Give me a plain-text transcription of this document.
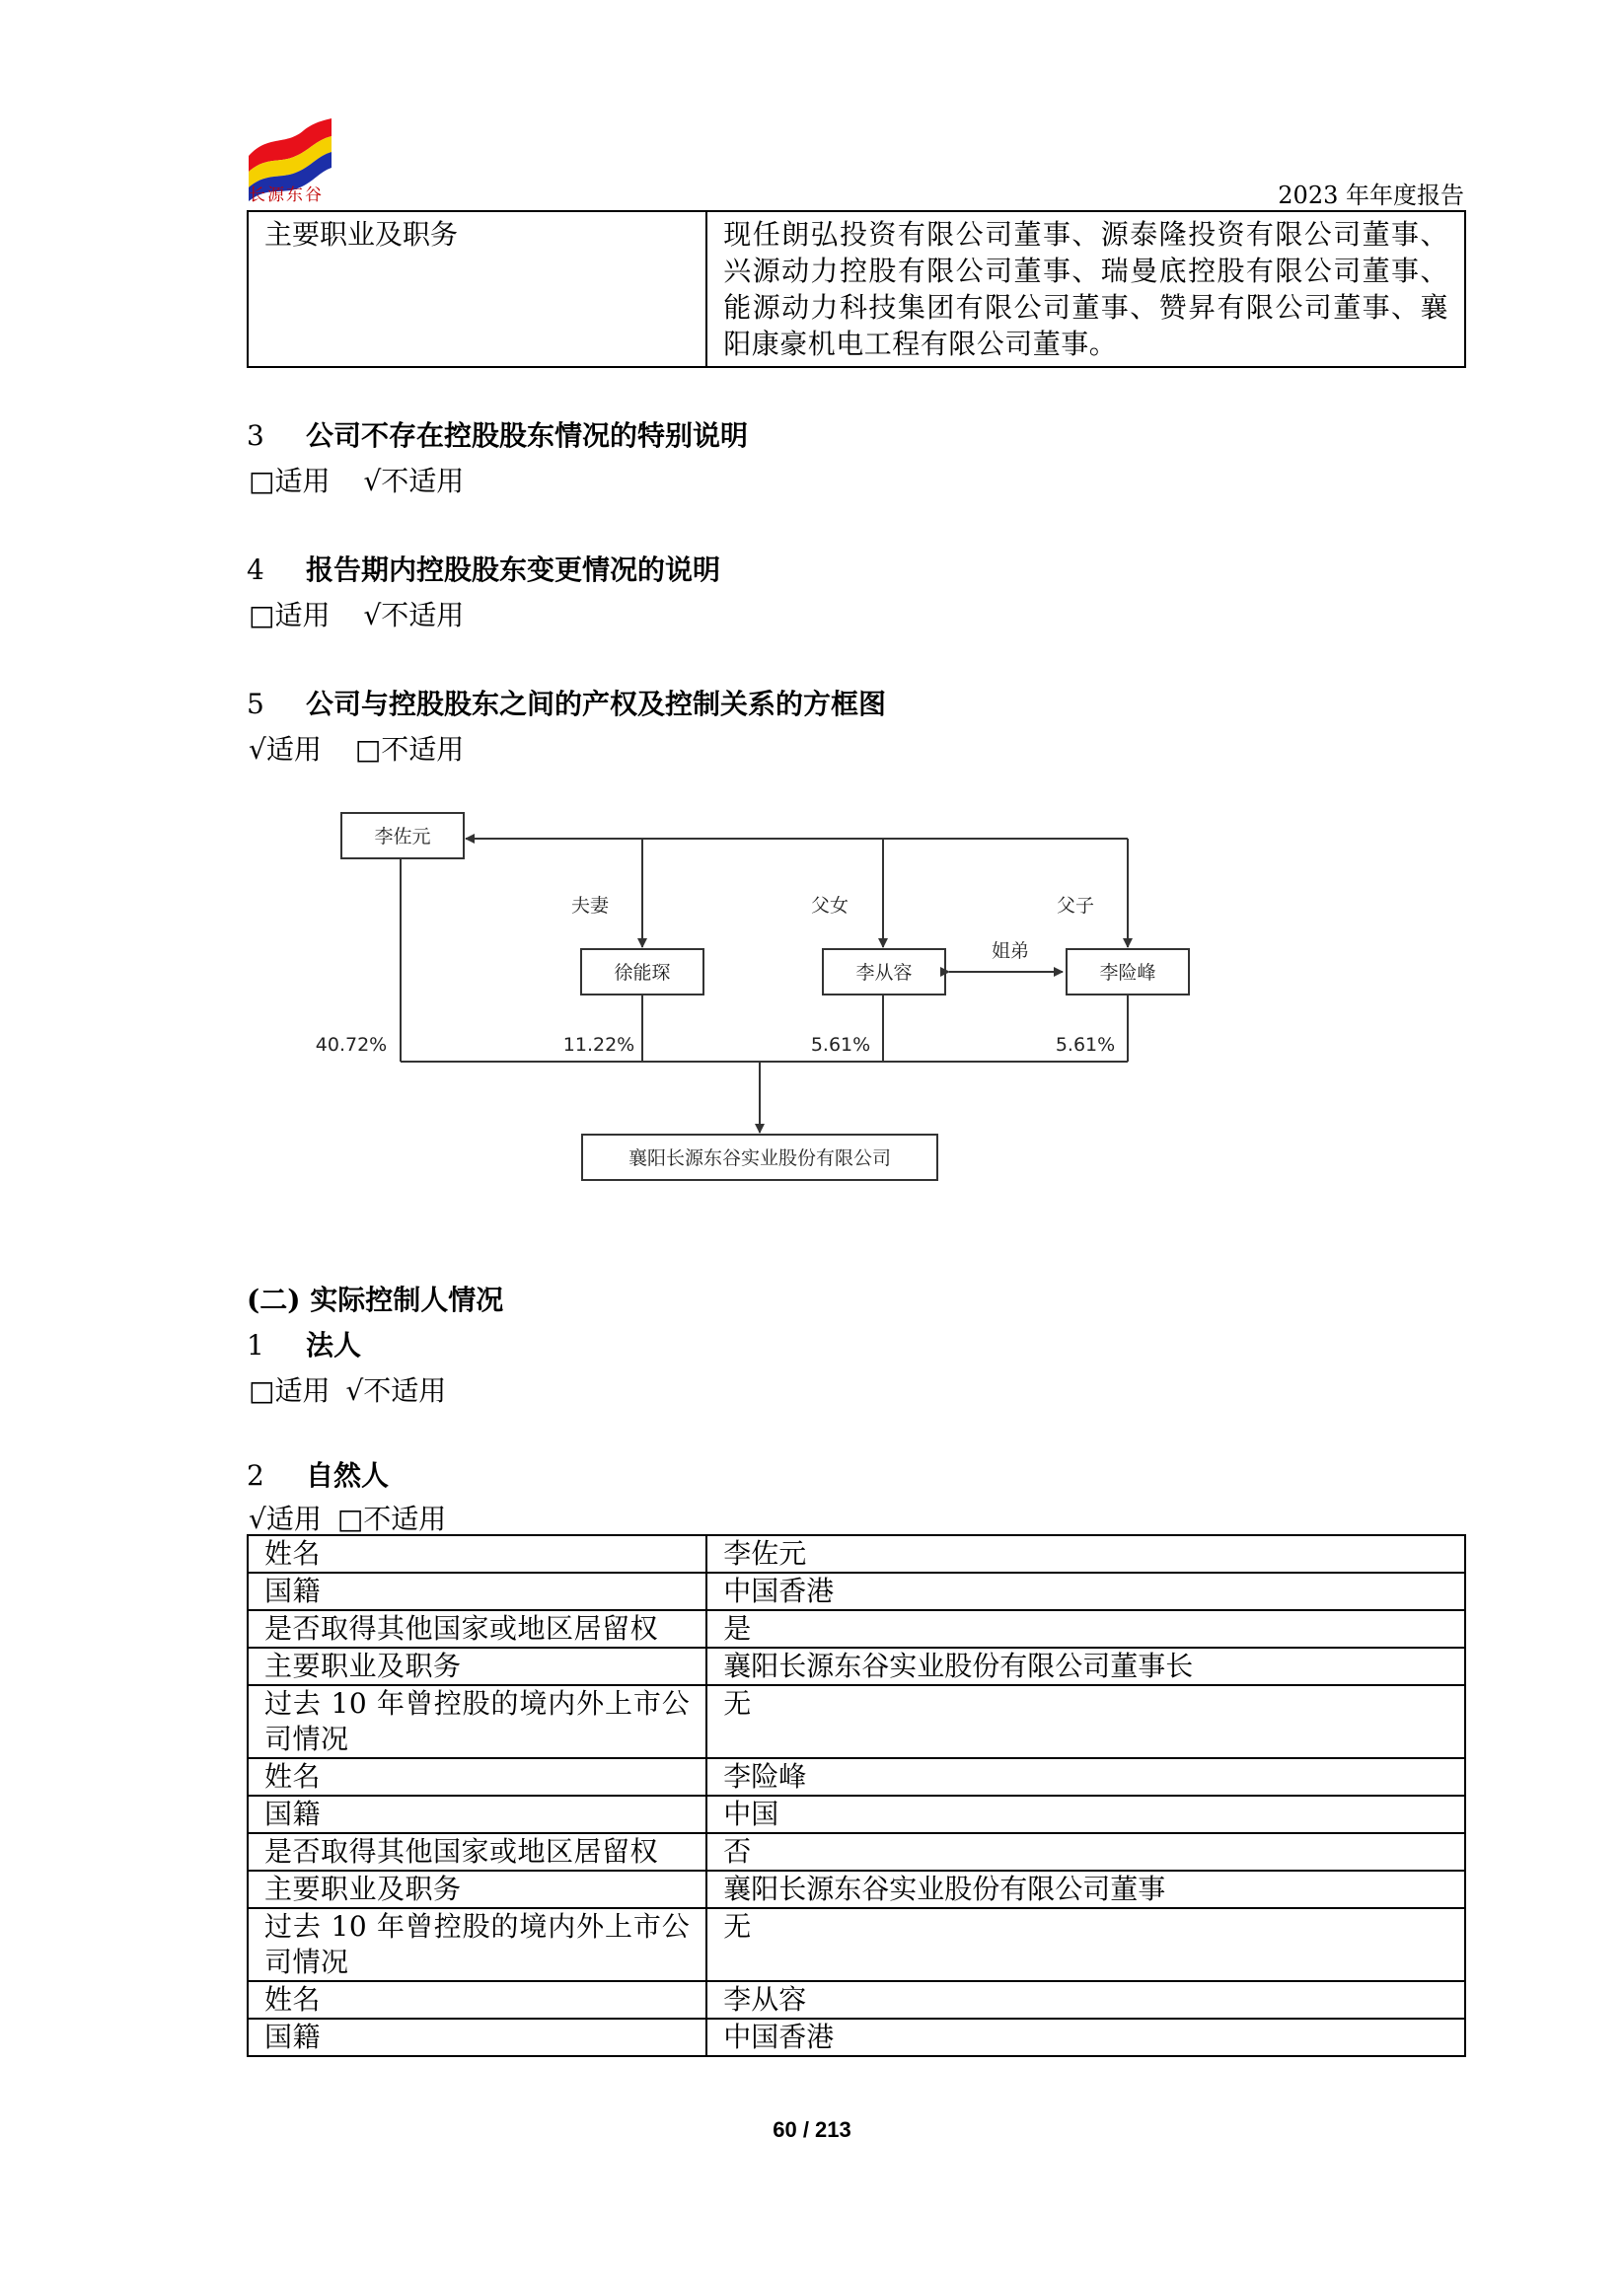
长源东谷	2023 年年度报告
主要职业及职务	现任朗弘投资有限公司董事、源泰隆投资有限公司董事、兴源动力控股有限公司董事、瑞曼底控股有限公司董事、能源动力科技集团有限公司董事、赞昇有限公司董事、襄阳康豪机电工程有限公司董事。
3 公司不存在控股股东情况的特别说明
□适用 √不适用
4 报告期内控股股东变更情况的说明
□适用 √不适用
5 公司与控股股东之间的产权及控制关系的方框图
√适用 □不适用
李佐元
徐能琛	李从容	李险峰
襄阳长源东谷实业股份有限公司
夫妻	父女	父子
姐弟
40.72%	11.22%	5.61%	5.61%
(二) 实际控制人情况
1 法人
□适用 √不适用
2 自然人
√适用 □不适用
姓名	李佐元
国籍	中国香港
是否取得其他国家或地区居留权	是
主要职业及职务	襄阳长源东谷实业股份有限公司董事长
过去 10 年曾控股的境内外上市公司情况	无
姓名	李险峰
国籍	中国
是否取得其他国家或地区居留权	否
主要职业及职务	襄阳长源东谷实业股份有限公司董事
过去 10 年曾控股的境内外上市公司情况	无
姓名	李从容
国籍	中国香港
60 / 213
